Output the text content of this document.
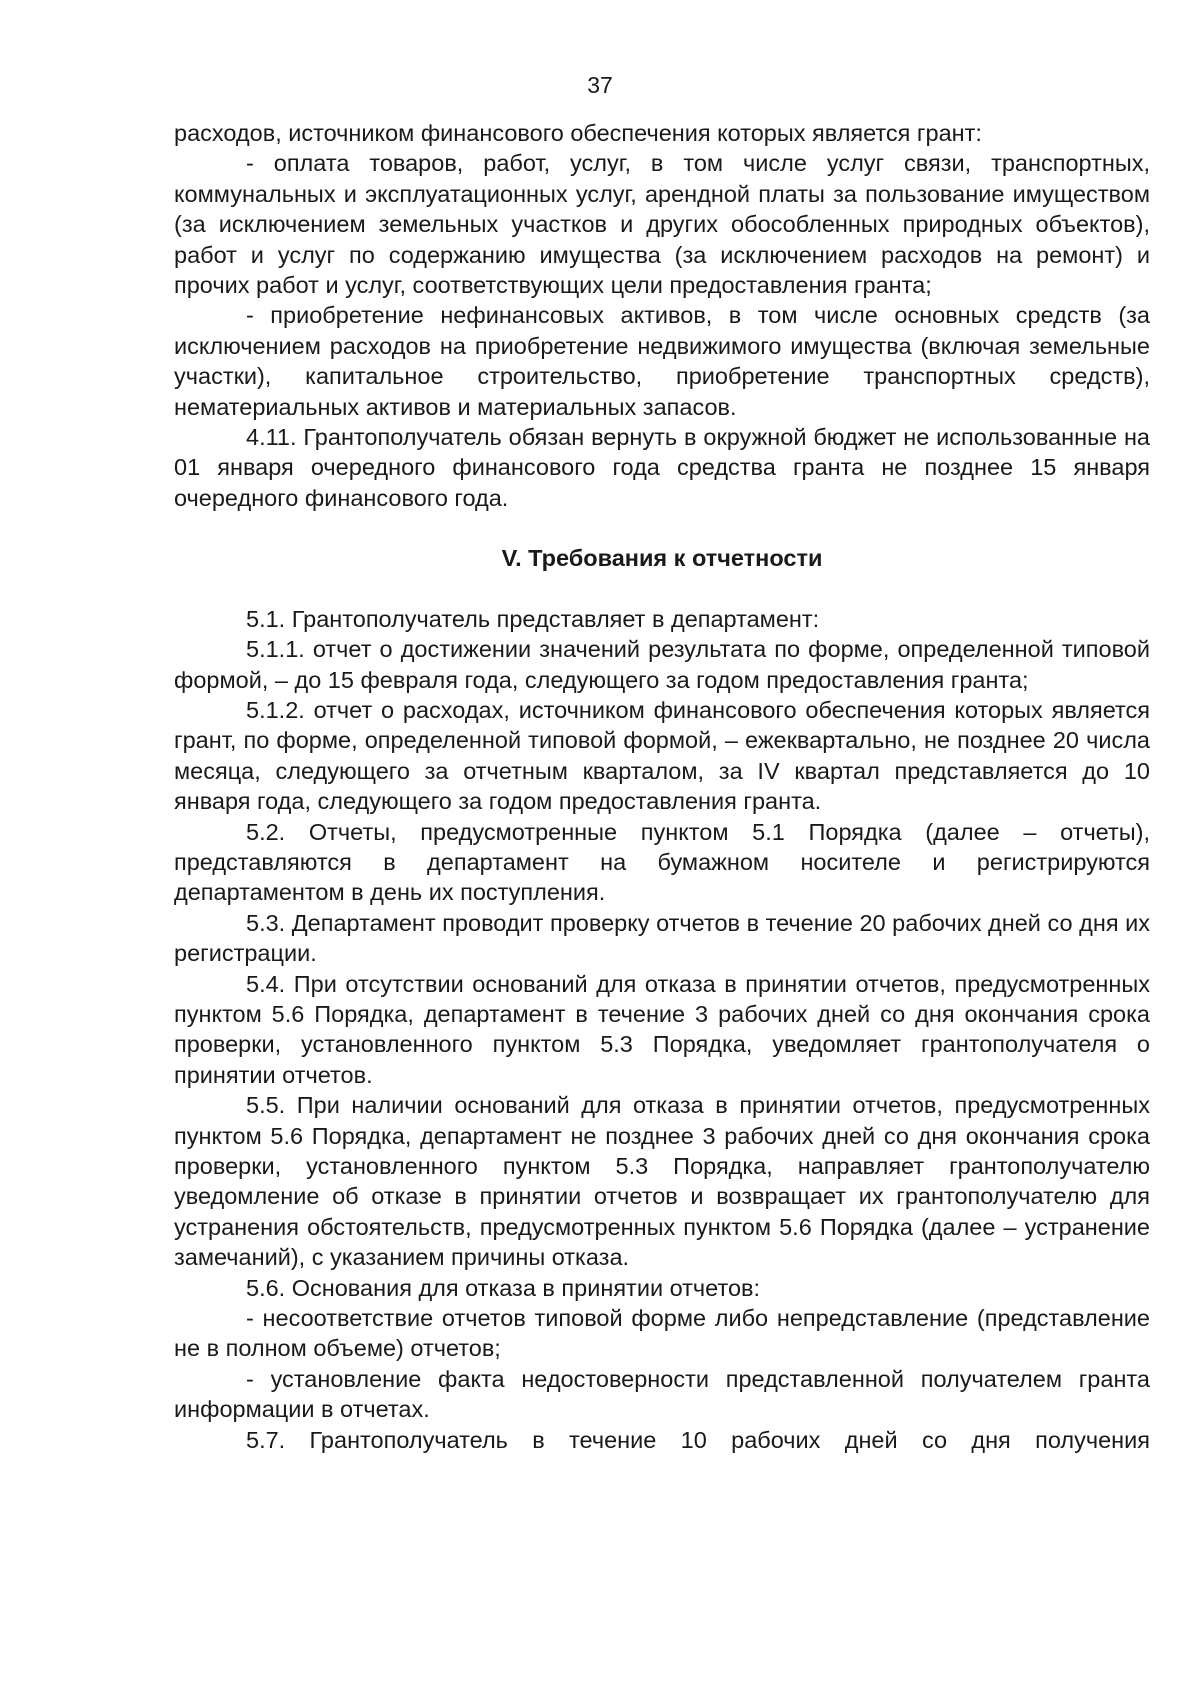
37

расходов, источником финансового обеспечения которых является грант:

- оплата товаров, работ, услуг, в том числе услуг связи, транспортных, коммунальных и эксплуатационных услуг, арендной платы за пользование имуществом (за исключением земельных участков и других обособленных природных объектов), работ и услуг по содержанию имущества (за исключением расходов на ремонт) и прочих работ и услуг, соответствующих цели предоставления гранта;

- приобретение нефинансовых активов, в том числе основных средств (за исключением расходов на приобретение недвижимого имущества (включая земельные участки), капитальное строительство, приобретение транспортных средств), нематериальных активов и материальных запасов.

4.11. Грантополучатель обязан вернуть в окружной бюджет не использованные на 01 января очередного финансового года средства гранта не позднее 15 января очередного финансового года.

V. Требования к отчетности

5.1. Грантополучатель представляет в департамент:

5.1.1. отчет о достижении значений результата по форме, определенной типовой формой, – до 15 февраля года, следующего за годом предоставления гранта;

5.1.2. отчет о расходах, источником финансового обеспечения которых является грант, по форме, определенной типовой формой, – ежеквартально, не позднее 20 числа месяца, следующего за отчетным кварталом, за IV квартал представляется до 10 января года, следующего за годом предоставления гранта.

5.2. Отчеты, предусмотренные пунктом 5.1 Порядка (далее – отчеты), представляются в департамент на бумажном носителе и регистрируются департаментом в день их поступления.

5.3. Департамент проводит проверку отчетов в течение 20 рабочих дней со дня их регистрации.

5.4. При отсутствии оснований для отказа в принятии отчетов, предусмотренных пунктом 5.6 Порядка, департамент в течение 3 рабочих дней со дня окончания срока проверки, установленного пунктом 5.3 Порядка, уведомляет грантополучателя о принятии отчетов.

5.5. При наличии оснований для отказа в принятии отчетов, предусмотренных пунктом 5.6 Порядка, департамент не позднее 3 рабочих дней со дня окончания срока проверки, установленного пунктом 5.3 Порядка, направляет грантополучателю уведомление об отказе в принятии отчетов и возвращает их грантополучателю для устранения обстоятельств, предусмотренных пунктом 5.6 Порядка (далее – устранение замечаний), с указанием причины отказа.

5.6. Основания для отказа в принятии отчетов:

- несоответствие отчетов типовой форме либо непредставление (представление не в полном объеме) отчетов;

- установление факта недостоверности представленной получателем гранта информации в отчетах.

5.7. Грантополучатель в течение 10 рабочих дней со дня получения
